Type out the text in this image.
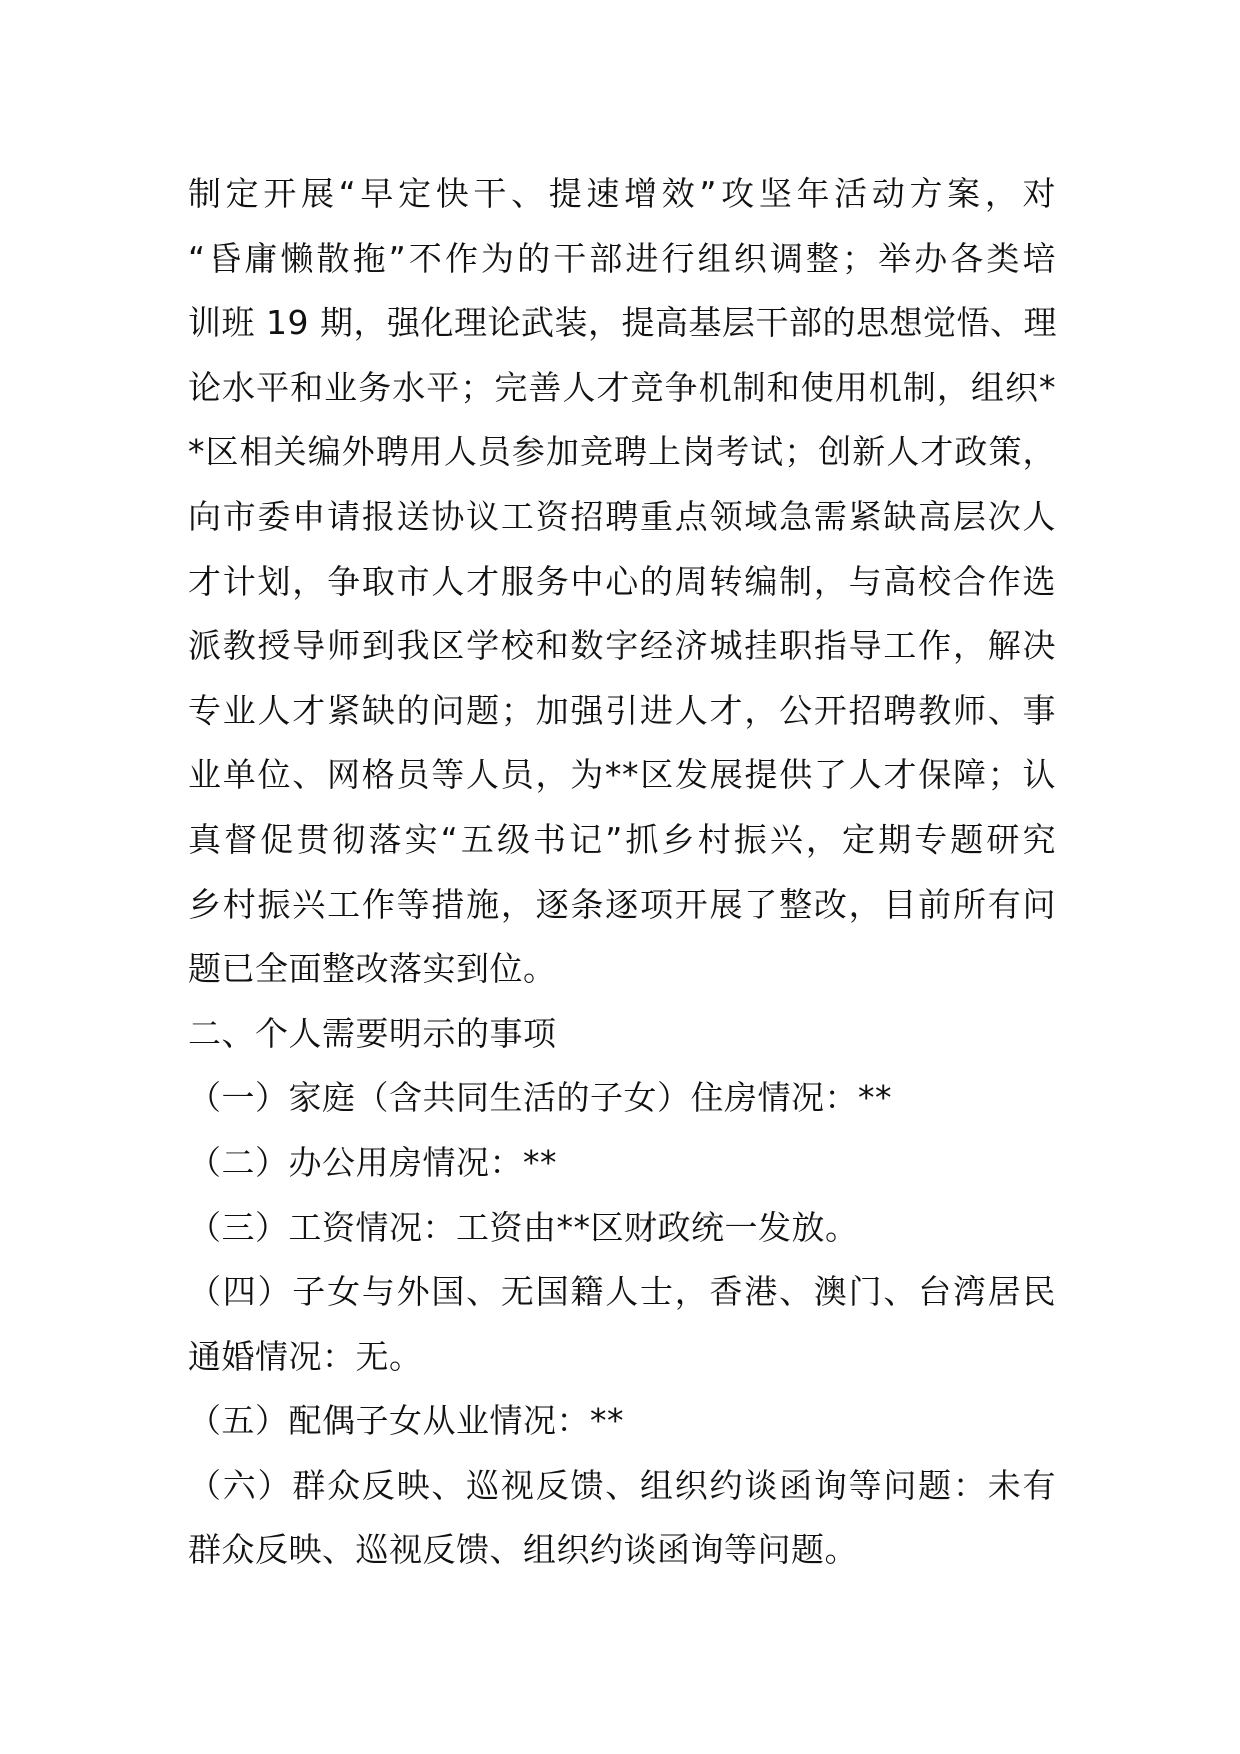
制定开展“早定快干、提速增效”攻坚年活动方案，对
“昏庸懒散拖”不作为的干部进行组织调整；举办各类培
训班 19 期，强化理论武装，提高基层干部的思想觉悟、理
论水平和业务水平；完善人才竞争机制和使用机制，组织*
*区相关编外聘用人员参加竞聘上岗考试；创新人才政策，
向市委申请报送协议工资招聘重点领域急需紧缺高层次人
才计划，争取市人才服务中心的周转编制，与高校合作选
派教授导师到我区学校和数字经济城挂职指导工作，解决
专业人才紧缺的问题；加强引进人才，公开招聘教师、事
业单位、网格员等人员，为**区发展提供了人才保障；认
真督促贯彻落实“五级书记”抓乡村振兴，定期专题研究
乡村振兴工作等措施，逐条逐项开展了整改，目前所有问
题已全面整改落实到位。
二、个人需要明示的事项
（一）家庭（含共同生活的子女）住房情况：**
（二）办公用房情况：**
（三）工资情况：工资由**区财政统一发放。
（四）子女与外国、无国籍人士，香港、澳门、台湾居民
通婚情况：无。
（五）配偶子女从业情况：**
（六）群众反映、巡视反馈、组织约谈函询等问题：未有
群众反映、巡视反馈、组织约谈函询等问题。
